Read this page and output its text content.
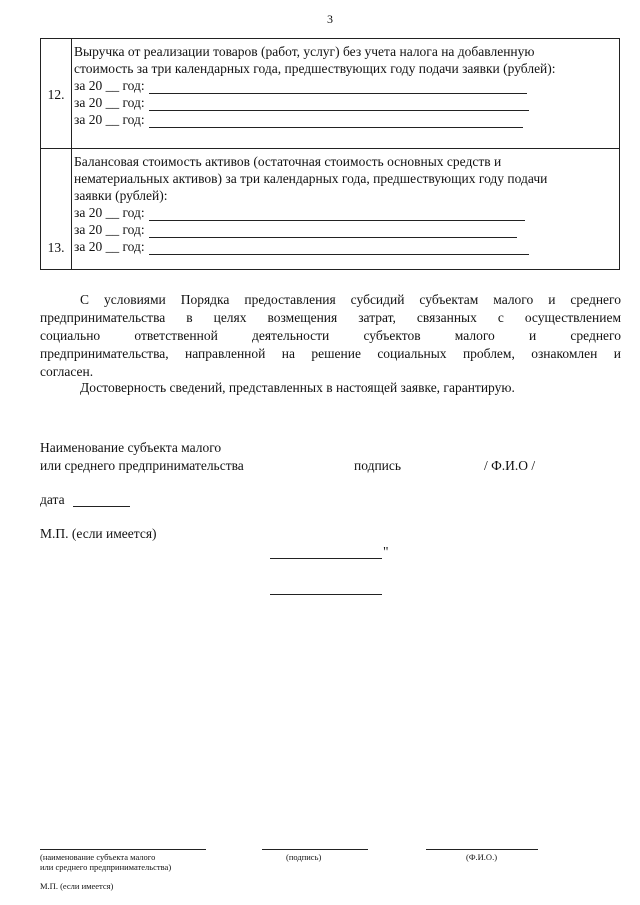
3
12.
Выручка от реализации товаров (работ, услуг) без учета налога на добавленную
стоимость за три календарных года, предшествующих году подачи заявки (рублей):
за 20 __ год:
за 20 __ год:
за 20 __ год:
13.
Балансовая стоимость активов (остаточная стоимость основных средств и
нематериальных активов) за три календарных года, предшествующих году подачи
заявки (рублей):
за 20 __ год:
за 20 __ год:
за 20 __ год:
С условиями Порядка предоставления субсидий субъектам малого и среднего
предпринимательства в целях возмещения затрат, связанных с осуществлением
социально ответственной деятельности субъектов малого и среднего
предпринимательства, направленной на решение социальных проблем, ознакомлен и
согласен.
Достоверность сведений, представленных в настоящей заявке, гарантирую.
Наименование субъекта малого
или среднего предпринимательства	подпись	/ Ф.И.О /
дата
М.П. (если имеется)
"
(наименование субъекта малого
или среднего предпринимательства)
(подпись)	(Ф.И.О.)
М.П. (если имеется)
